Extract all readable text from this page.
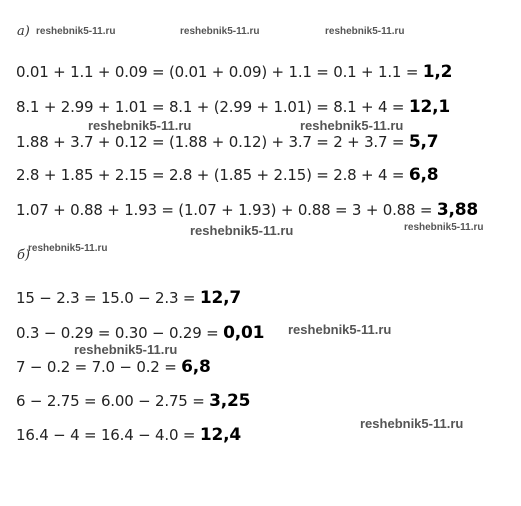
а)
б)
reshebnik5-11.ru	reshebnik5-11.ru	reshebnik5-11.ru
reshebnik5-11.ru	reshebnik5-11.ru
reshebnik5-11.ru	reshebnik5-11.ru
reshebnik5-11.ru
reshebnik5-11.ru
reshebnik5-11.ru
reshebnik5-11.ru
0.01 + 1.1 + 0.09 = (0.01 + 0.09) + 1.1 = 0.1 + 1.1 = 1,2
8.1 + 2.99 + 1.01 = 8.1 + (2.99 + 1.01) = 8.1 + 4 = 12,1
1.88 + 3.7 + 0.12 = (1.88 + 0.12) + 3.7 = 2 + 3.7 = 5,7
2.8 + 1.85 + 2.15 = 2.8 + (1.85 + 2.15) = 2.8 + 4 = 6,8
1.07 + 0.88 + 1.93 = (1.07 + 1.93) + 0.88 = 3 + 0.88 = 3,88
15 − 2.3 = 15.0 − 2.3 = 12,7
0.3 − 0.29 = 0.30 − 0.29 = 0,01
7 − 0.2 = 7.0 − 0.2 = 6,8
6 − 2.75 = 6.00 − 2.75 = 3,25
16.4 − 4 = 16.4 − 4.0 = 12,4
